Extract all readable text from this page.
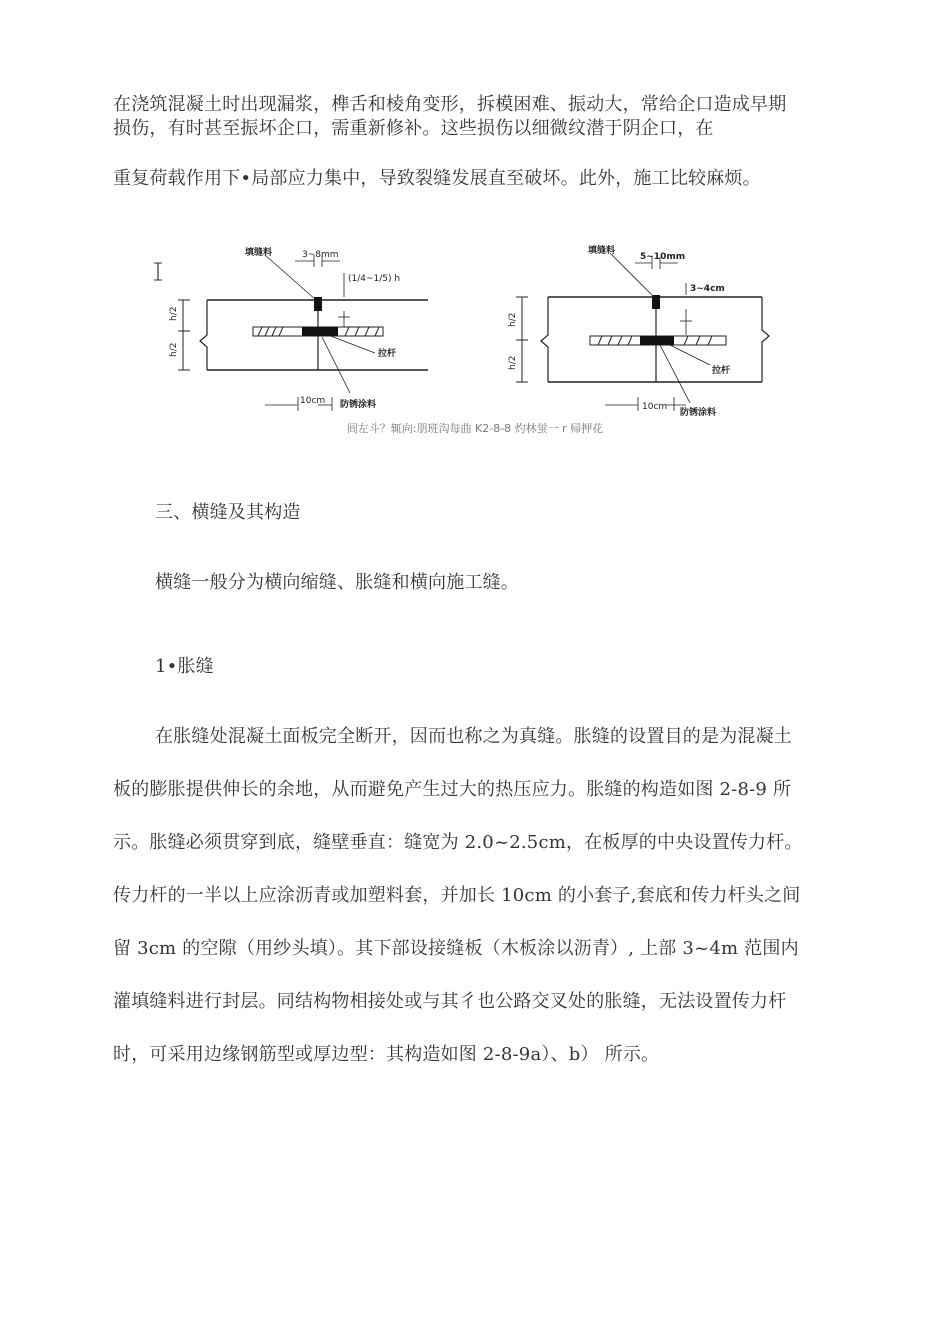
在浇筑混凝土时出现漏浆，榫舌和棱角变形，拆模困难、振动大，常给企口造成早期
损伤，有时甚至振坏企口，需重新修补。这些损伤以细微纹潜于阴企口，在
重复荷载作用下•局部应力集中，导致裂缝发展直至破坏。此外，施工比较麻烦。
h/2
h/2
填缝料	3~8mm
(1/4~1/5) h
拉杆
防锈涂料
10cm
h/2
h/2
填缝料
5~10mm
3~4cm
拉杆
防锈涂料
10cm
闾左斗？辄向:朋班沟每曲 K2-8-8 灼林蛍一 r 帰押花
三、横缝及其构造
横缝一般分为横向缩缝、胀缝和横向施工缝。
1•胀缝
在胀缝处混凝土面板完全断开，因而也称之为真缝。胀缝的设置目的是为混凝土
板的膨胀提供伸长的余地，从而避免产生过大的热压应力。胀缝的构造如图 2-8-9 所
示。胀缝必须贯穿到底，缝壁垂直：缝宽为 2.0~2.5cm，在板厚的中央设置传力杆。
传力杆的一半以上应涂沥青或加塑料套，并加长 10cm 的小套子,套底和传力杆头之间
留 3cm 的空隙（用纱头填）。其下部设接缝板（木板涂以沥青）, 上部 3~4m 范围内
灌填缝料进行封层。同结构物相接处或与其彳也公路交叉处的胀缝，无法设置传力杆
时，可采用边缘钢筋型或厚边型：其构造如图 2-8-9a）、b） 所示。
